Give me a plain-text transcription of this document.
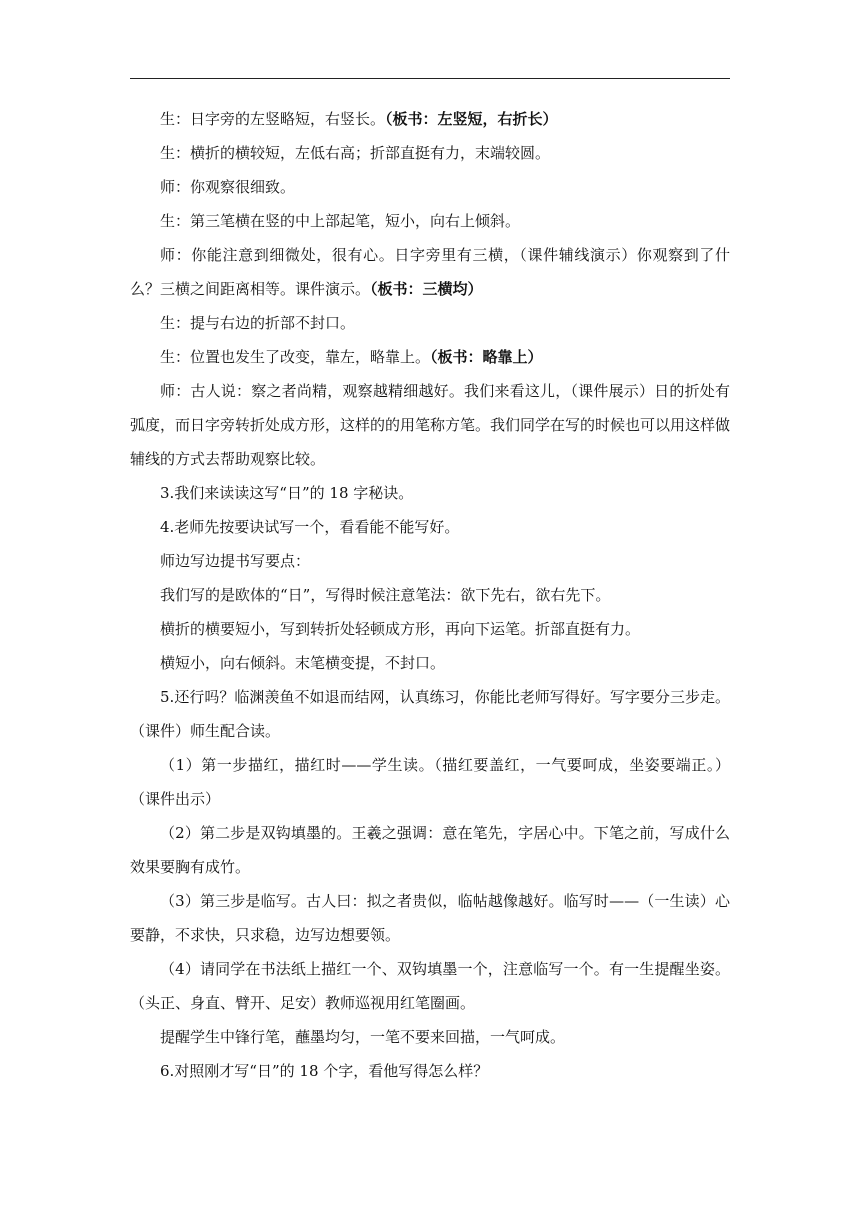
生：日字旁的左竖略短，右竖长。（板书：左竖短，右折长）

生：横折的横较短，左低右高；折部直挺有力，末端较圆。

师：你观察很细致。

生：第三笔横在竖的中上部起笔，短小，向右上倾斜。

师：你能注意到细微处，很有心。日字旁里有三横，（课件辅线演示）你观察到了什么？三横之间距离相等。课件演示。（板书：三横均）

生：提与右边的折部不封口。

生：位置也发生了改变，靠左，略靠上。（板书：略靠上）

师：古人说：察之者尚精，观察越精细越好。我们来看这儿，（课件展示）日的折处有弧度，而日字旁转折处成方形，这样的的用笔称方笔。我们同学在写的时候也可以用这样做辅线的方式去帮助观察比较。

3.我们来读读这写“日”的 18 字秘诀。

4.老师先按要诀试写一个，看看能不能写好。

师边写边提书写要点：

我们写的是欧体的“日”，写得时候注意笔法：欲下先右，欲右先下。

横折的横要短小，写到转折处轻顿成方形，再向下运笔。折部直挺有力。

横短小，向右倾斜。末笔横变提，不封口。

5.还行吗？临渊羡鱼不如退而结网，认真练习，你能比老师写得好。写字要分三步走。（课件）师生配合读。

（1）第一步描红，描红时——学生读。（描红要盖红，一气要呵成，坐姿要端正。）（课件出示）

（2）第二步是双钩填墨的。王羲之强调：意在笔先，字居心中。下笔之前，写成什么效果要胸有成竹。

（3）第三步是临写。古人曰：拟之者贵似，临帖越像越好。临写时——（一生读）心要静，不求快，只求稳，边写边想要领。

（4）请同学在书法纸上描红一个、双钩填墨一个，注意临写一个。有一生提醒坐姿。（头正、身直、臂开、足安）教师巡视用红笔圈画。

提醒学生中锋行笔，蘸墨均匀，一笔不要来回描，一气呵成。

6.对照刚才写“日”的 18 个字，看他写得怎么样？
